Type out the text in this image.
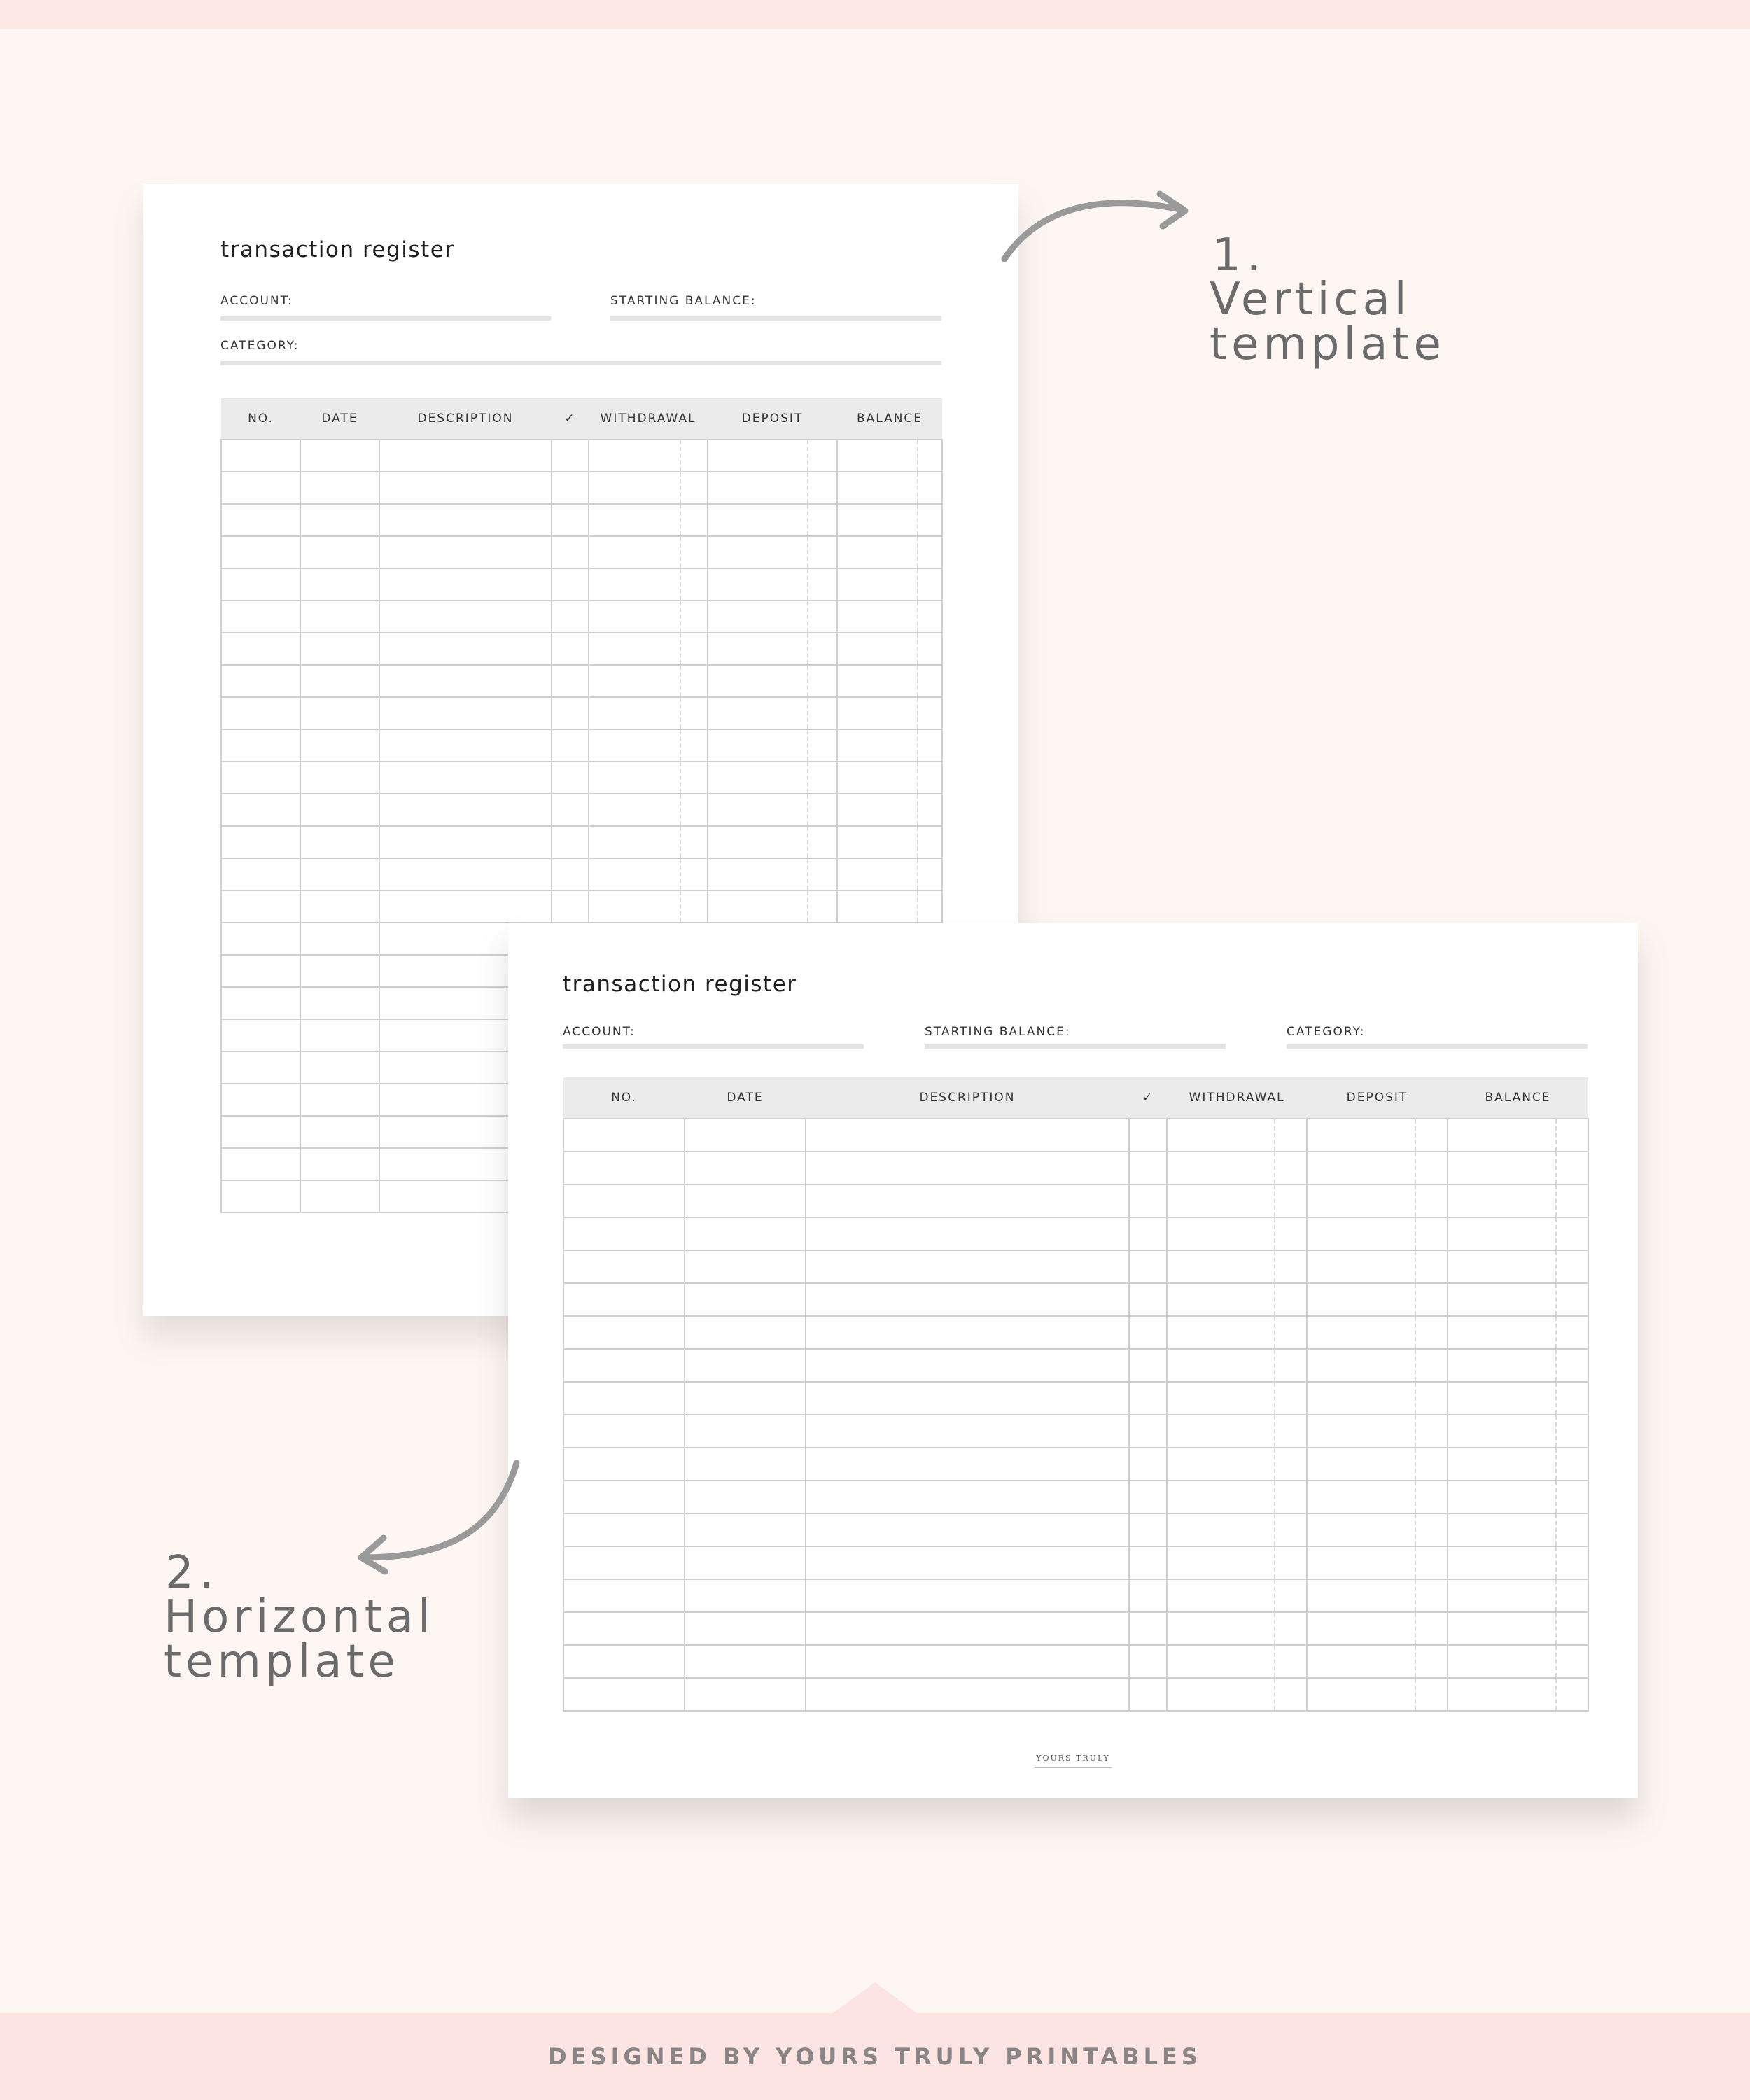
transaction register
ACCOUNT:	STARTING BALANCE:
CATEGORY:
NO.	DATE	DESCRIPTION	✓	WITHDRAWAL	DEPOSIT	BALANCE

transaction register
ACCOUNT:	STARTING BALANCE:	CATEGORY:
NO.	DATE	DESCRIPTION	✓	WITHDRAWAL	DEPOSIT	BALANCE

YOURS TRULY
1.
Vertical
template
2.
Horizontal
template
DESIGNED BY YOURS TRULY PRINTABLES
